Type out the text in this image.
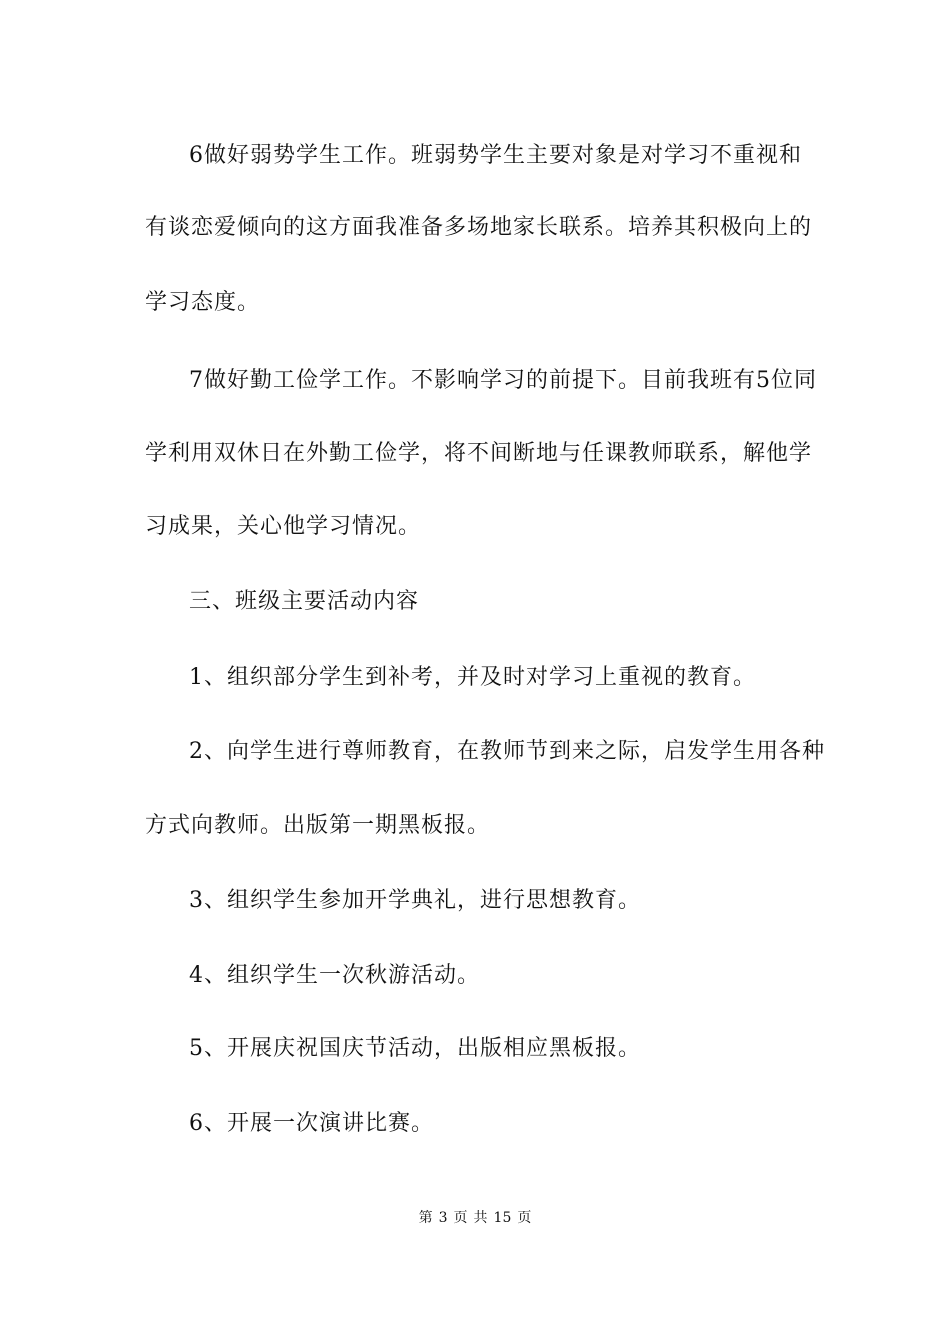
6做好弱势学生工作。班弱势学生主要对象是对学习不重视和
有谈恋爱倾向的这方面我准备多场地家长联系。培养其积极向上的
学习态度。
7做好勤工俭学工作。不影响学习的前提下。目前我班有5位同
学利用双休日在外勤工俭学，将不间断地与任课教师联系，解他学
习成果，关心他学习情况。
三、班级主要活动内容
1、组织部分学生到补考，并及时对学习上重视的教育。
2、向学生进行尊师教育，在教师节到来之际，启发学生用各种
方式向教师。出版第一期黑板报。
3、组织学生参加开学典礼，进行思想教育。
4、组织学生一次秋游活动。
5、开展庆祝国庆节活动，出版相应黑板报。
6、开展一次演讲比赛。
第 3 页 共 15 页
